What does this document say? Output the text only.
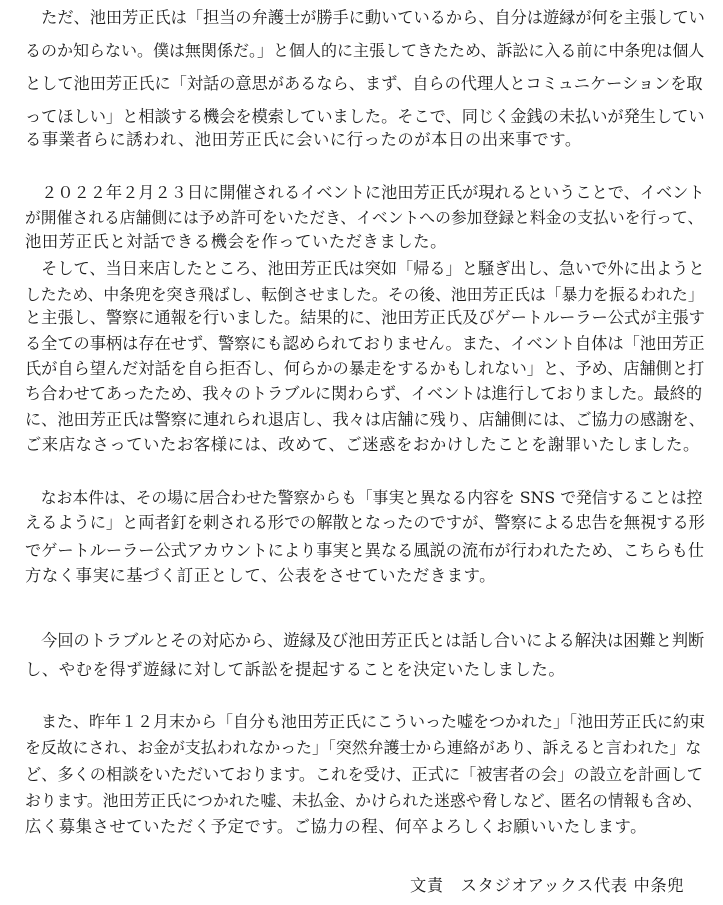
　ただ、池田芳正氏は「担当の弁護士が勝手に動いているから、自分は遊縁が何を主張してい
るのか知らない。僕は無関係だ。」と個人的に主張してきたため、訴訟に入る前に中条兜は個人
として池田芳正氏に「対話の意思があるなら、まず、自らの代理人とコミュニケーションを取
ってほしい」と相談する機会を模索していました。そこで、同じく金銭の未払いが発生してい
る事業者らに誘われ、池田芳正氏に会いに行ったのが本日の出来事です。
　２０２２年２月２３日に開催されるイベントに池田芳正氏が現れるということで、イベント
が開催される店舗側には予め許可をいただき、イベントへの参加登録と料金の支払いを行って、
池田芳正氏と対話できる機会を作っていただきました。
　そして、当日来店したところ、池田芳正氏は突如「帰る」と騒ぎ出し、急いで外に出ようと
したため、中条兜を突き飛ばし、転倒させました。その後、池田芳正氏は「暴力を振るわれた」
と主張し、警察に通報を行いました。結果的に、池田芳正氏及びゲートルーラー公式が主張す
る全ての事柄は存在せず、警察にも認められておりません。また、イベント自体は「池田芳正
氏が自ら望んだ対話を自ら拒否し、何らかの暴走をするかもしれない」と、予め、店舗側と打
ち合わせてあったため、我々のトラブルに関わらず、イベントは進行しておりました。最終的
に、池田芳正氏は警察に連れられ退店し、我々は店舗に残り、店舗側には、ご協力の感謝を、
ご来店なさっていたお客様には、改めて、ご迷惑をおかけしたことを謝罪いたしました。
　なお本件は、その場に居合わせた警察からも「事実と異なる内容を SNS で発信することは控
えるように」と両者釘を刺される形での解散となったのですが、警察による忠告を無視する形
でゲートルーラー公式アカウントにより事実と異なる風説の流布が行われたため、こちらも仕
方なく事実に基づく訂正として、公表をさせていただきます。
　今回のトラブルとその対応から、遊縁及び池田芳正氏とは話し合いによる解決は困難と判断
し、やむを得ず遊縁に対して訴訟を提起することを決定いたしました。
　また、昨年１２月末から「自分も池田芳正氏にこういった嘘をつかれた」「池田芳正氏に約束
を反故にされ、お金が支払われなかった」「突然弁護士から連絡があり、訴えると言われた」な
ど、多くの相談をいただいております。これを受け、正式に「被害者の会」の設立を計画して
おります。池田芳正氏につかれた嘘、未払金、かけられた迷惑や脅しなど、匿名の情報も含め、
広く募集させていただく予定です。ご協力の程、何卒よろしくお願いいたします。
文責　スタジオアックス代表 中条兜
